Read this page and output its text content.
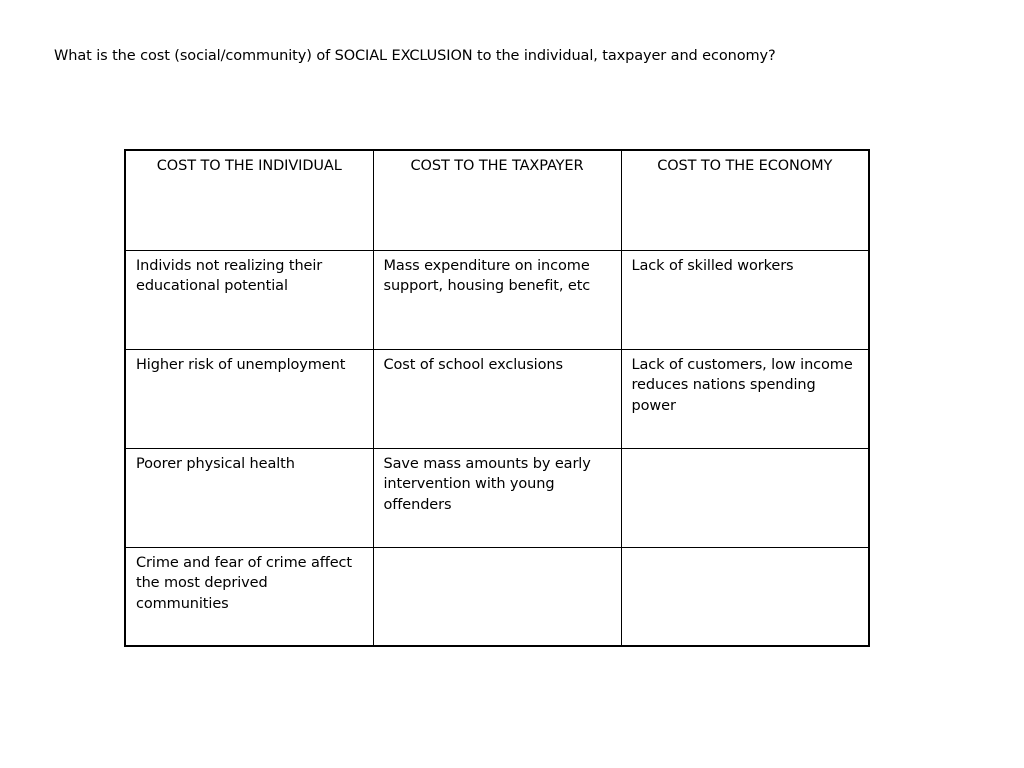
What is the cost (social/community) of SOCIAL EXCLUSION to the individual, taxpayer and economy?
COST TO THE INDIVIDUAL	COST TO THE TAXPAYER	COST TO THE ECONOMY
Individs not realizing their educational potential	Mass expenditure on income support, housing benefit, etc	Lack of skilled workers
Higher risk of unemployment	Cost of school exclusions	Lack of customers, low income reduces nations spending power
Poorer physical health	Save mass amounts by early intervention with young offenders	
Crime and fear of crime affect the most deprived communities		
